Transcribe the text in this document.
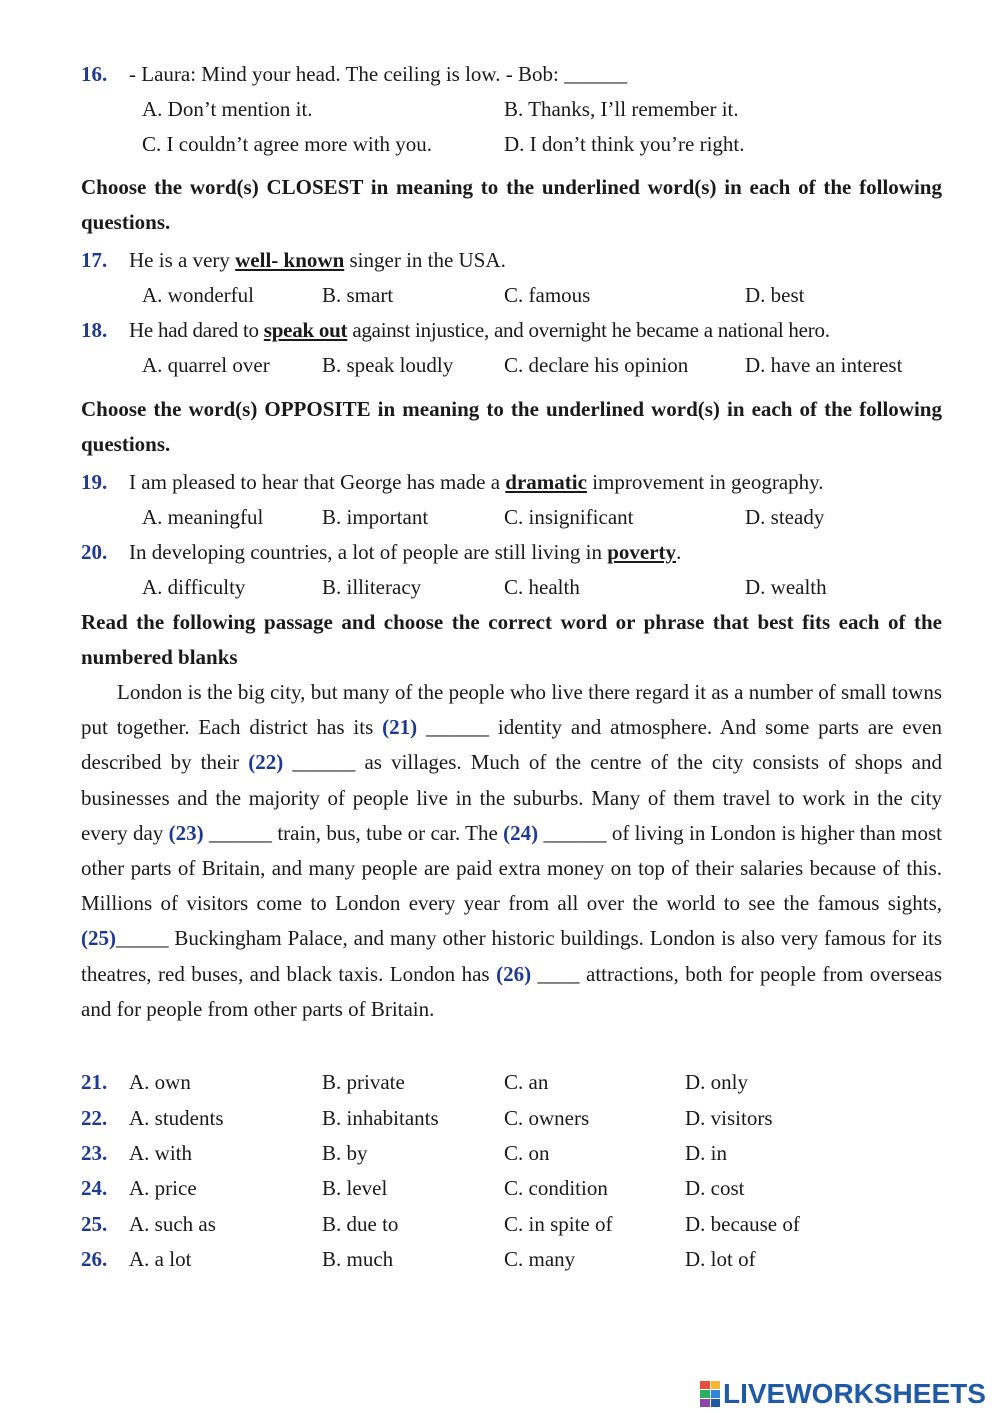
16. - Laura: Mind your head. The ceiling is low. - Bob: ______
A. Don’t mention it.	B. Thanks, I’ll remember it.
C. I couldn’t agree more with you.	D. I don’t think you’re right.
Choose the word(s) CLOSEST in meaning to the underlined word(s) in each of the following questions.
17. He is a very well- known singer in the USA.
A. wonderful	B. smart	C. famous	D. best
18. He had dared to speak out against injustice, and overnight he became a national hero.
A. quarrel over B. speak loudly C. declare his opinion	D. have an interest
Choose the word(s) OPPOSITE in meaning to the underlined word(s) in each of the following questions.
19. I am pleased to hear that George has made a dramatic improvement in geography.
A. meaningful	B. important	C. insignificant	D. steady
20. In developing countries, a lot of people are still living in poverty.
A. difficulty	B. illiteracy	C. health	D. wealth
Read the following passage and choose the correct word or phrase that best fits each of the numbered blanks
London is the big city, but many of the people who live there regard it as a number of small towns put together. Each district has its (21) ______ identity and atmosphere. And some parts are even described by their (22) ______ as villages. Much of the centre of the city consists of shops and businesses and the majority of people live in the suburbs. Many of them travel to work in the city every day (23) ______ train, bus, tube or car. The (24) ______ of living in London is higher than most other parts of Britain, and many people are paid extra money on top of their salaries because of this. Millions of visitors come to London every year from all over the world to see the famous sights, (25)_____ Buckingham Palace, and many other historic buildings. London is also very famous for its theatres, red buses, and black taxis. London has (26) ____ attractions, both for people from overseas and for people from other parts of Britain.
21. A. own	B. private	C. an	D. only
22. A. students	B. inhabitants	C. owners	D. visitors
23. A. with	B. by	C. on	D. in
24. A. price	B. level	C. condition	D. cost
25. A. such as	B. due to	C. in spite of	D. because of
26. A. a lot	B. much	C. many	D. lot of
LIVEWORKSHEETS
